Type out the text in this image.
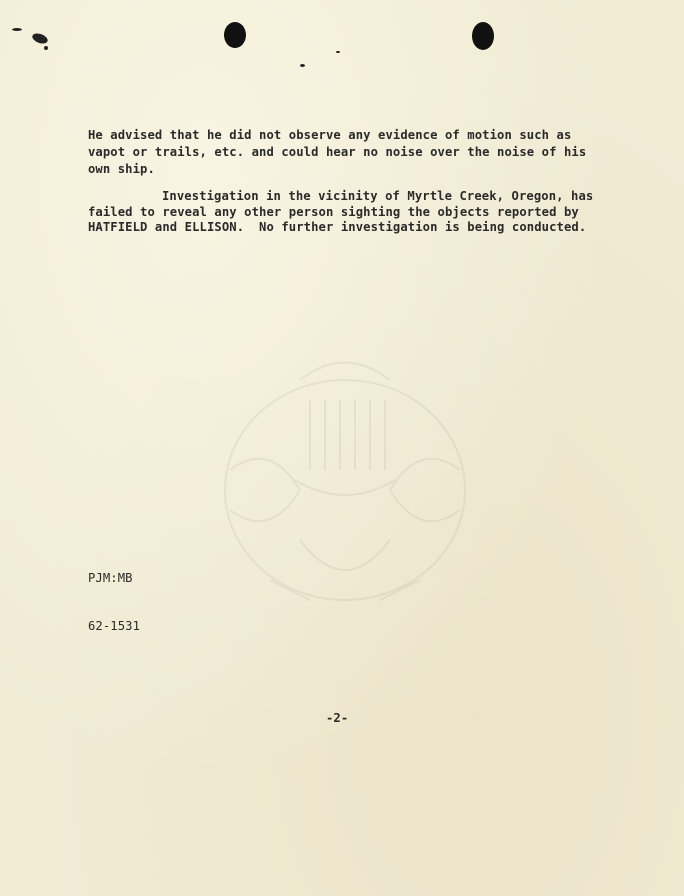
He advised that he did not observe any evidence of motion such as
vapot or trails, etc. and could hear no noise over the noise of his
own ship.
Investigation in the vicinity of Myrtle Creek, Oregon, has
failed to reveal any other person sighting the objects reported by
HATFIELD and ELLISON.  No further investigation is being conducted.

PJM:MB

62-1531

-2-
